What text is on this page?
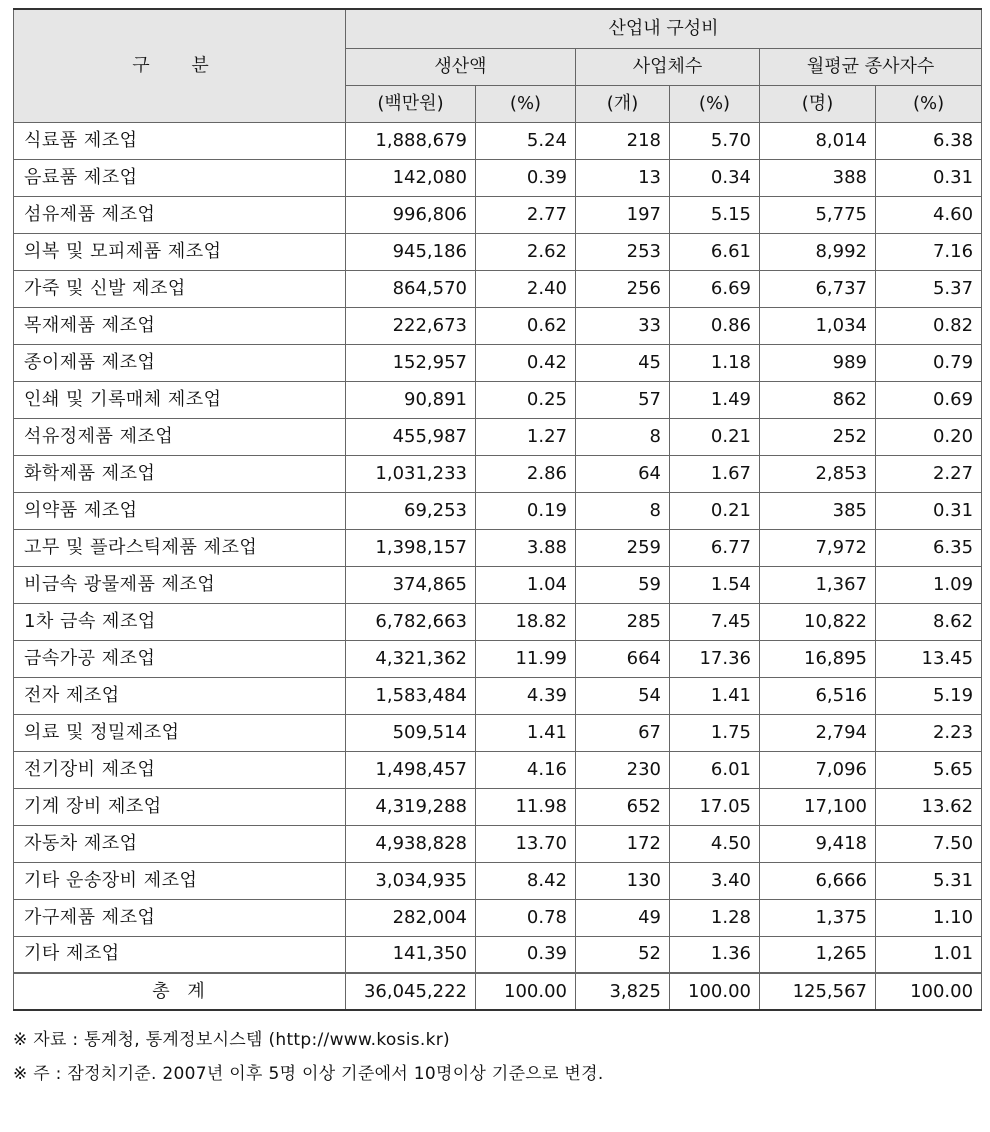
구 분	산업내 구성비					
	생산액		사업체수		월평균 종사자수	
	(백만원)	(%)	(개)	(%)	(명)	(%)
식료품 제조업	1,888,679	5.24	218	5.70	8,014	6.38
음료품 제조업	142,080	0.39	13	0.34	388	0.31
섬유제품 제조업	996,806	2.77	197	5.15	5,775	4.60
의복 및 모피제품 제조업	945,186	2.62	253	6.61	8,992	7.16
가죽 및 신발 제조업	864,570	2.40	256	6.69	6,737	5.37
목재제품 제조업	222,673	0.62	33	0.86	1,034	0.82
종이제품 제조업	152,957	0.42	45	1.18	989	0.79
인쇄 및 기록매체 제조업	90,891	0.25	57	1.49	862	0.69
석유정제품 제조업	455,987	1.27	8	0.21	252	0.20
화학제품 제조업	1,031,233	2.86	64	1.67	2,853	2.27
의약품 제조업	69,253	0.19	8	0.21	385	0.31
고무 및 플라스틱제품 제조업	1,398,157	3.88	259	6.77	7,972	6.35
비금속 광물제품 제조업	374,865	1.04	59	1.54	1,367	1.09
1차 금속 제조업	6,782,663	18.82	285	7.45	10,822	8.62
금속가공 제조업	4,321,362	11.99	664	17.36	16,895	13.45
전자 제조업	1,583,484	4.39	54	1.41	6,516	5.19
의료 및 정밀제조업	509,514	1.41	67	1.75	2,794	2.23
전기장비 제조업	1,498,457	4.16	230	6.01	7,096	5.65
기계 장비 제조업	4,319,288	11.98	652	17.05	17,100	13.62
자동차 제조업	4,938,828	13.70	172	4.50	9,418	7.50
기타 운송장비 제조업	3,034,935	8.42	130	3.40	6,666	5.31
가구제품 제조업	282,004	0.78	49	1.28	1,375	1.10
기타 제조업	141,350	0.39	52	1.36	1,265	1.01
총 계	36,045,222	100.00	3,825	100.00	125,567	100.00
※ 자료 : 통계청, 통계정보시스템 (http://www.kosis.kr)
※ 주 : 잠정치기준. 2007년 이후 5명 이상 기준에서 10명이상 기준으로 변경.
